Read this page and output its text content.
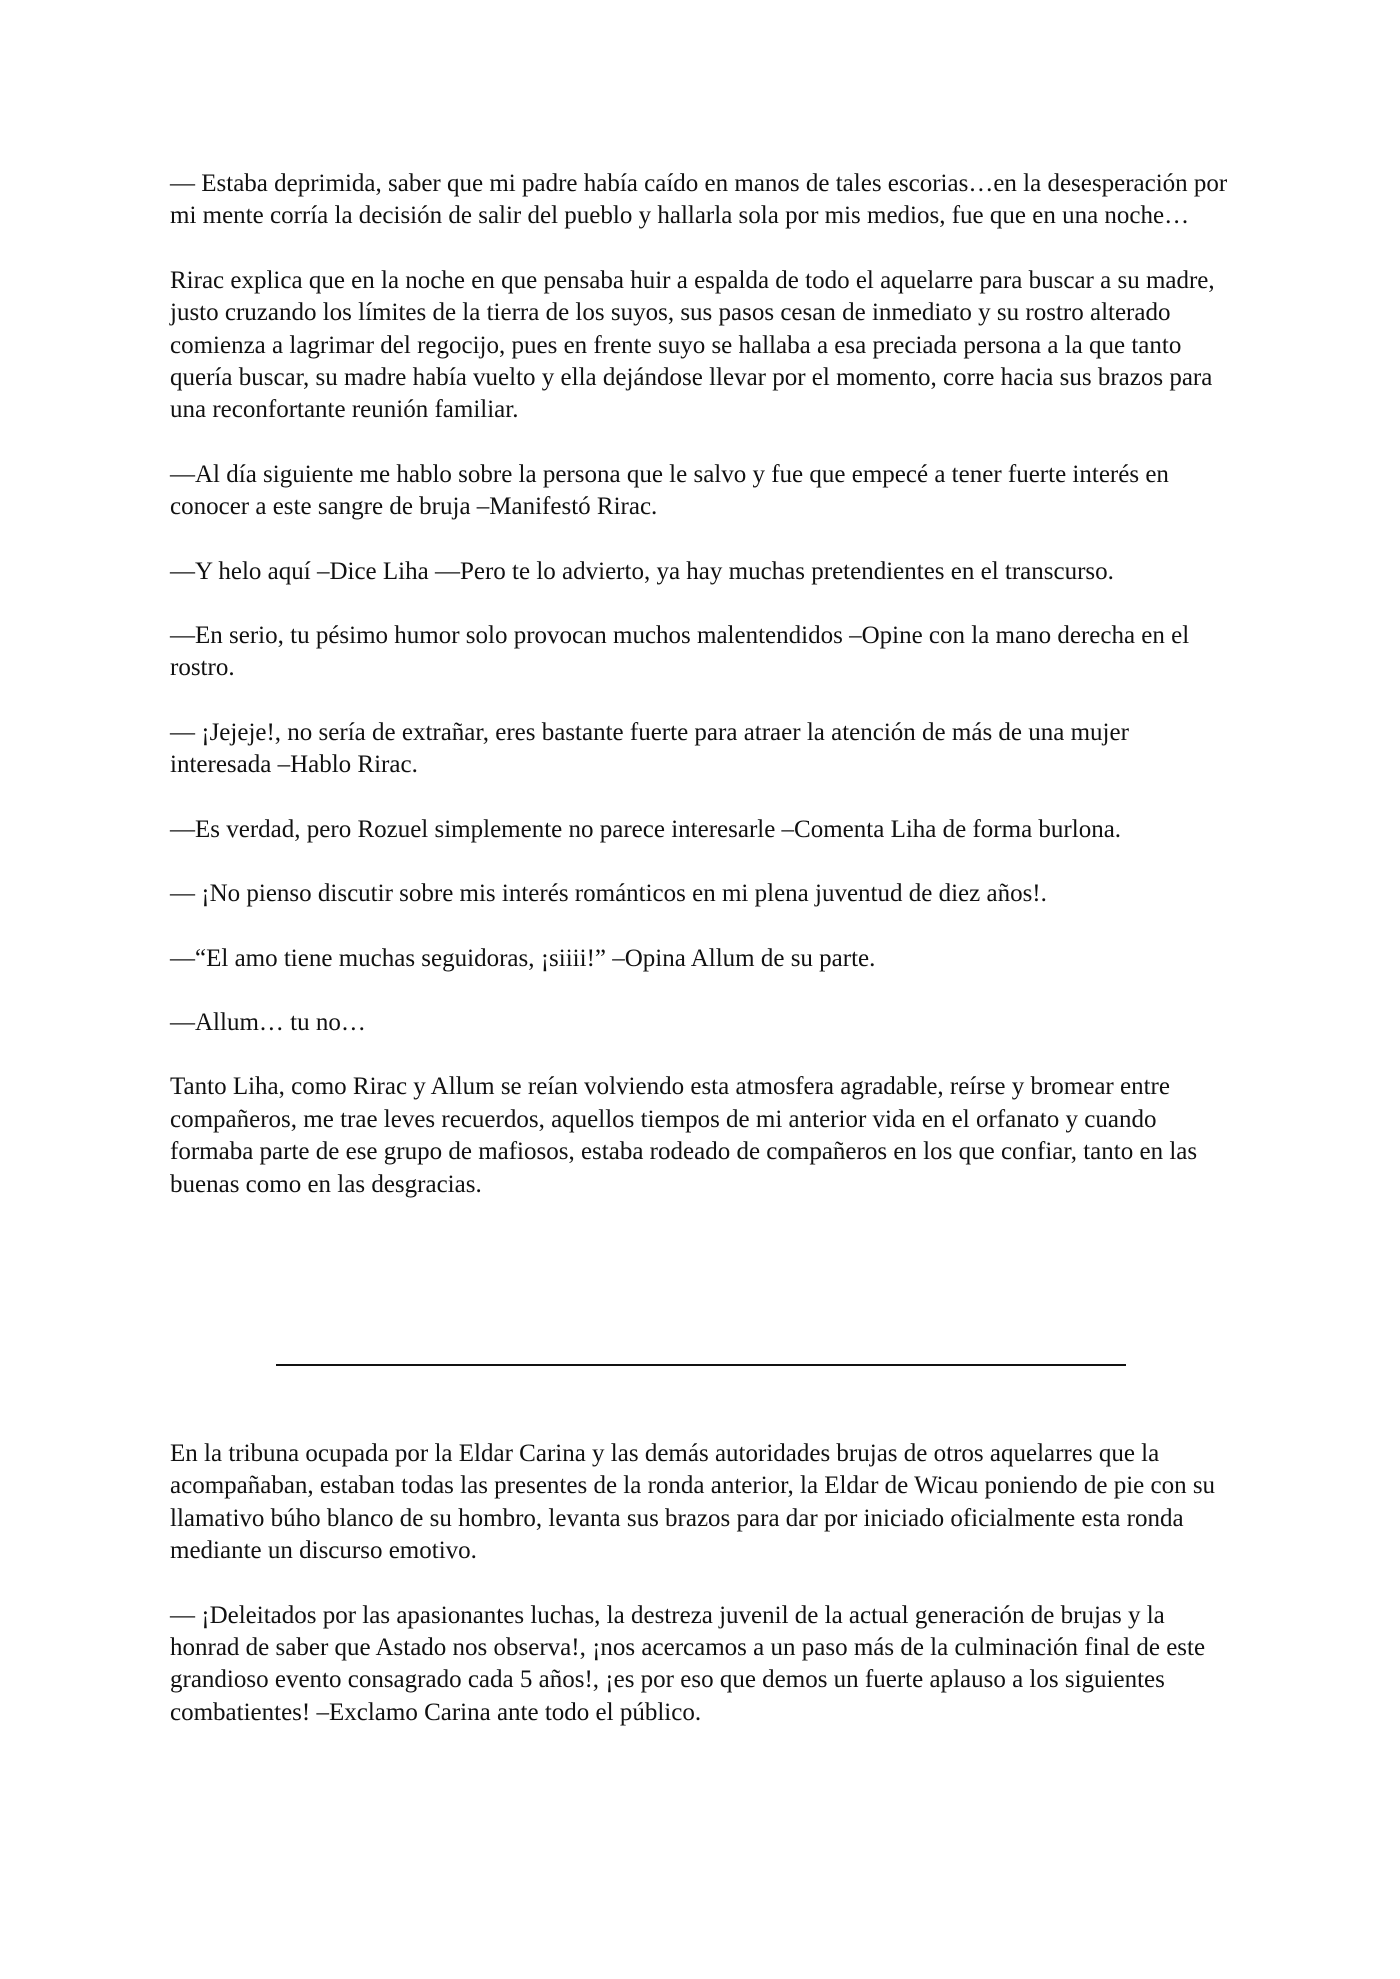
— Estaba deprimida, saber que mi padre había caído en manos de tales escorias…en la desesperación por mi mente corría la decisión de salir del pueblo y hallarla sola por mis medios, fue que en una noche…

Rirac explica que en la noche en que pensaba huir a espalda de todo el aquelarre para buscar a su madre, justo cruzando los límites de la tierra de los suyos, sus pasos cesan de inmediato y su rostro alterado comienza a lagrimar del regocijo, pues en frente suyo se hallaba a esa preciada persona a la que tanto quería buscar, su madre había vuelto y ella dejándose llevar por el momento, corre hacia sus brazos para una reconfortante reunión familiar.

—Al día siguiente me hablo sobre la persona que le salvo y fue que empecé a tener fuerte interés en conocer a este sangre de bruja –Manifestó Rirac.

—Y helo aquí –Dice Liha —Pero te lo advierto, ya hay muchas pretendientes en el transcurso.

—En serio, tu pésimo humor solo provocan muchos malentendidos –Opine con la mano derecha en el rostro.

— ¡Jejeje!, no sería de extrañar, eres bastante fuerte para atraer la atención de más de una mujer interesada –Hablo Rirac.

—Es verdad, pero Rozuel simplemente no parece interesarle –Comenta Liha de forma burlona.

— ¡No pienso discutir sobre mis interés románticos en mi plena juventud de diez años!.

—“El amo tiene muchas seguidoras, ¡siiii!” –Opina Allum de su parte.

—Allum… tu no…

Tanto Liha, como Rirac y Allum se reían volviendo esta atmosfera agradable, reírse y bromear entre compañeros, me trae leves recuerdos, aquellos tiempos de mi anterior vida en el orfanato y cuando formaba parte de ese grupo de mafiosos, estaba rodeado de compañeros en los que confiar, tanto en las buenas como en las desgracias.

En la tribuna ocupada por la Eldar Carina y las demás autoridades brujas de otros aquelarres que la acompañaban, estaban todas las presentes de la ronda anterior, la Eldar de Wicau poniendo de pie con su llamativo búho blanco de su hombro, levanta sus brazos para dar por iniciado oficialmente esta ronda mediante un discurso emotivo.

— ¡Deleitados por las apasionantes luchas, la destreza juvenil de la actual generación de brujas y la honrad de saber que Astado nos observa!, ¡nos acercamos a un paso más de la culminación final de este grandioso evento consagrado cada 5 años!, ¡es por eso que demos un fuerte aplauso a los siguientes combatientes! –Exclamo Carina ante todo el público.
